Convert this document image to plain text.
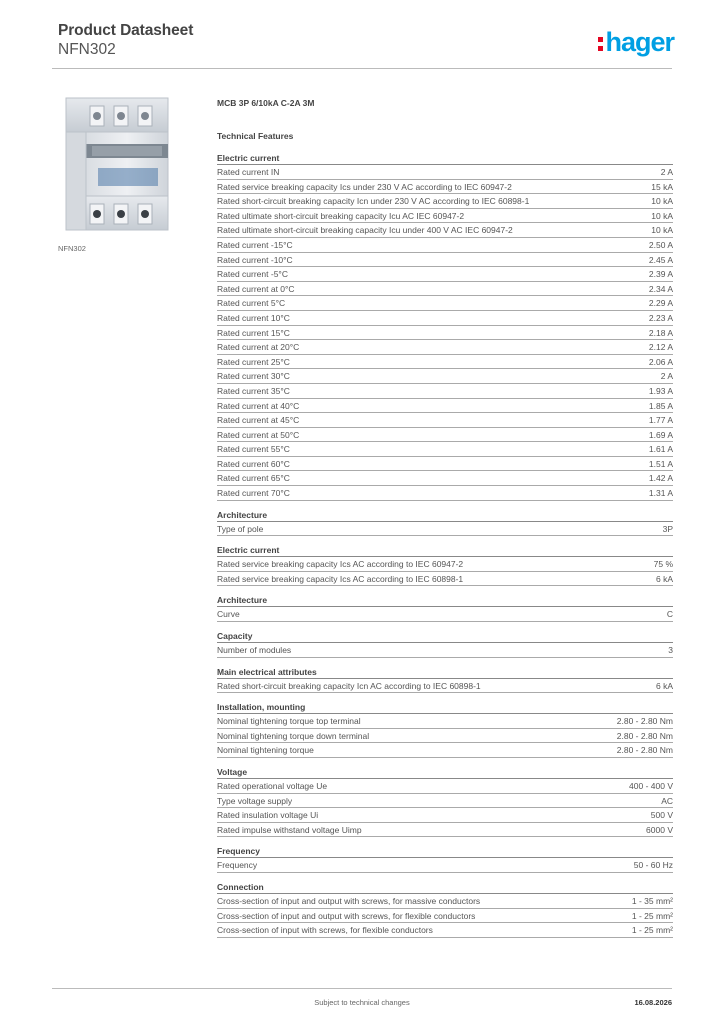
Product Datasheet
NFN302	hager
NFN302
MCB 3P 6/10kA C-2A 3M
Technical Features
Electric current
Rated current IN	2 A
Rated service breaking capacity Ics under 230 V AC according to IEC 60947-2	15 kA
Rated short-circuit breaking capacity Icn under 230 V AC according to IEC 60898-1	10 kA
Rated ultimate short-circuit breaking capacity Icu AC IEC 60947-2	10 kA
Rated ultimate short-circuit breaking capacity Icu under 400 V AC IEC 60947-2	10 kA
Rated current -15°C	2.50 A
Rated current -10°C	2.45 A
Rated current -5°C	2.39 A
Rated current at 0°C	2.34 A
Rated current 5°C	2.29 A
Rated current 10°C	2.23 A
Rated current 15°C	2.18 A
Rated current at 20°C	2.12 A
Rated current 25°C	2.06 A
Rated current 30°C	2 A
Rated current 35°C	1.93 A
Rated current at 40°C	1.85 A
Rated current at 45°C	1.77 A
Rated current at 50°C	1.69 A
Rated current 55°C	1.61 A
Rated current 60°C	1.51 A
Rated current 65°C	1.42 A
Rated current 70°C	1.31 A
Architecture
Type of pole	3P
Electric current
Rated service breaking capacity Ics AC according to IEC 60947-2	75 %
Rated service breaking capacity Ics AC according to IEC 60898-1	6 kA
Architecture
Curve	C
Capacity
Number of modules	3
Main electrical attributes
Rated short-circuit breaking capacity Icn AC according to IEC 60898-1	6 kA
Installation, mounting
Nominal tightening torque top terminal	2.80 - 2.80 Nm
Nominal tightening torque down terminal	2.80 - 2.80 Nm
Nominal tightening torque	2.80 - 2.80 Nm
Voltage
Rated operational voltage Ue	400 - 400 V
Type voltage supply	AC
Rated insulation voltage Ui	500 V
Rated impulse withstand voltage Uimp	6000 V
Frequency
Frequency	50 - 60 Hz
Connection
Cross-section of input and output with screws, for massive conductors	1 - 35 mm²
Cross-section of input and output with screws, for flexible conductors	1 - 25 mm²
Cross-section of input with screws, for flexible conductors	1 - 25 mm²
Subject to technical changes	16.08.2026
